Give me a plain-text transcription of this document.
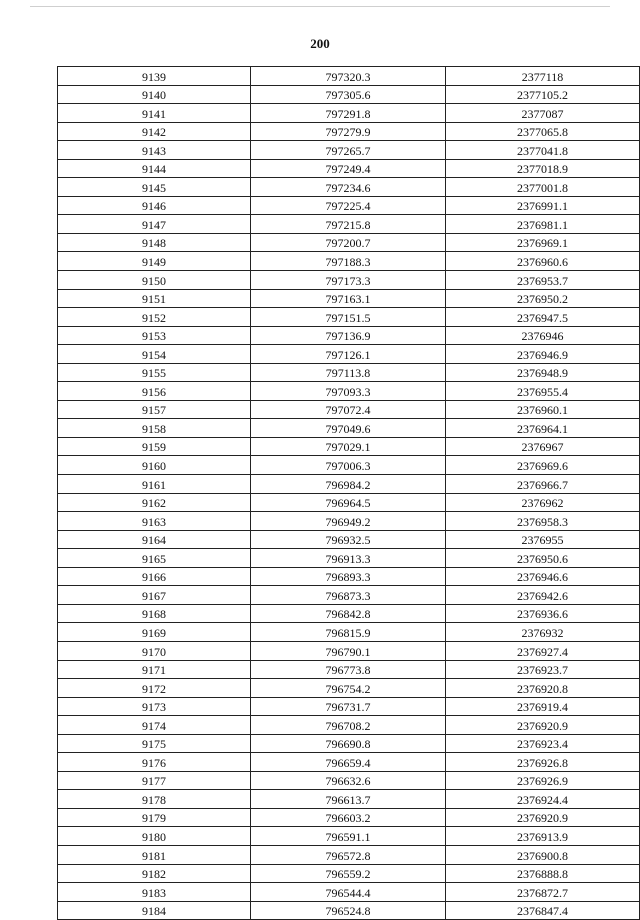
200
9139	797320.3	2377118
9140	797305.6	2377105.2
9141	797291.8	2377087
9142	797279.9	2377065.8
9143	797265.7	2377041.8
9144	797249.4	2377018.9
9145	797234.6	2377001.8
9146	797225.4	2376991.1
9147	797215.8	2376981.1
9148	797200.7	2376969.1
9149	797188.3	2376960.6
9150	797173.3	2376953.7
9151	797163.1	2376950.2
9152	797151.5	2376947.5
9153	797136.9	2376946
9154	797126.1	2376946.9
9155	797113.8	2376948.9
9156	797093.3	2376955.4
9157	797072.4	2376960.1
9158	797049.6	2376964.1
9159	797029.1	2376967
9160	797006.3	2376969.6
9161	796984.2	2376966.7
9162	796964.5	2376962
9163	796949.2	2376958.3
9164	796932.5	2376955
9165	796913.3	2376950.6
9166	796893.3	2376946.6
9167	796873.3	2376942.6
9168	796842.8	2376936.6
9169	796815.9	2376932
9170	796790.1	2376927.4
9171	796773.8	2376923.7
9172	796754.2	2376920.8
9173	796731.7	2376919.4
9174	796708.2	2376920.9
9175	796690.8	2376923.4
9176	796659.4	2376926.8
9177	796632.6	2376926.9
9178	796613.7	2376924.4
9179	796603.2	2376920.9
9180	796591.1	2376913.9
9181	796572.8	2376900.8
9182	796559.2	2376888.8
9183	796544.4	2376872.7
9184	796524.8	2376847.4
